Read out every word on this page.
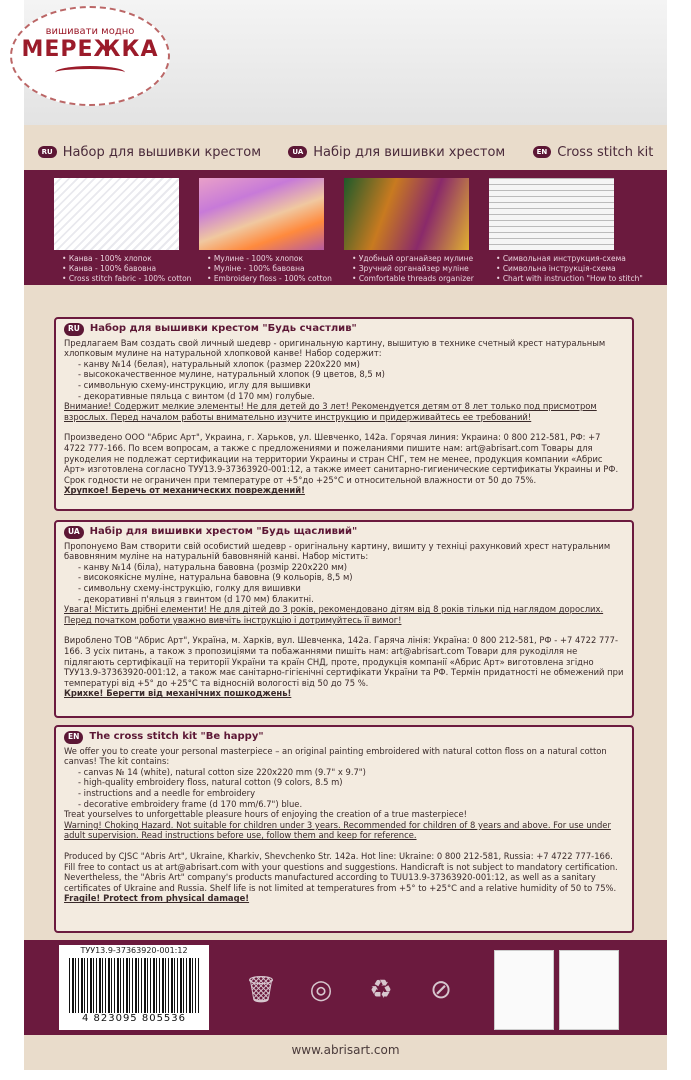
вишивати модно
МЕРЕЖКА
RU Набор для вышивки крестом	UA Набір для вишивки хрестом	EN Cross stitch kit
• Канва - 100% хлопок
• Канва - 100% бавовна
• Cross stitch fabric - 100% cotton
• Мулине - 100% хлопок
• Мулінe - 100% бавовна
• Embroidery floss - 100% cotton
• Удобный органайзер мулине
• Зручний органайзер мулінe
• Comfortable threads organizer
• Символьная инструкция-схема
• Символьна інструкція-схема
• Chart with instruction "How to stitch"
RU	Набор для вышивки крестом "Будь счастлив"

Предлагаем Вам создать свой личный шедевр - оригинальную картину, вышитую в технике счетный крест натуральным хлопковым мулине на натуральной хлопковой канве! Набор содержит:

- канву №14 (белая), натуральный хлопок (размер 220х220 мм)

- высококачественное мулине, натуральный хлопок (9 цветов, 8,5 м)

- символьную схему-инструкцию, иглу для вышивки

- декоративные пяльца с винтом (d 170 мм) голубые.

Внимание! Содержит мелкие элементы! Не для детей до 3 лет! Рекомендуется детям от 8 лет только под присмотром взрослых. Перед началом работы внимательно изучите инструкцию и придерживайтесь ее требований!

Произведено ООО "Абрис Арт", Украина, г. Харьков, ул. Шевченко, 142а. Горячая линия: Украина: 0 800 212-581, РФ: +7 4722 777-166. По всем вопросам, а также с предложениями и пожеланиями пишите нам: art@abrisart.com Товары для рукоделия не подлежат сертификации на территории Украины и стран СНГ, тем не менее, продукция компании «Абрис Арт» изготовлена согласно ТУУ13.9-37363920-001:12, а также имеет санитарно-гигиенические сертификаты Украины и РФ. Срок годности не ограничен при температуре от +5°до +25°С и относительной влажности от 50 до 75%.

Хрупкое! Беречь от механических повреждений!

UA	Набір для вишивки хрестом "Будь щасливий"

Пропонуємо Вам створити свій особистий шедевр - оригінальну картину, вишиту у техніці рахунковий хрест натуральним бавовняним муліне на натуральній бавовняній канві. Набор містить:

- канву №14 (біла), натуральна бавовна (розмір 220х220 мм)

- високоякісне муліне, натуральна бавовна (9 кольорів, 8,5 м)

- символьну схему-інструкцію, голку для вишивки

- декоративні п'яльця з гвинтом (d 170 мм) блакитні.

Увага! Містить дрібні елементи! Не для дітей до 3 років, рекомендовано дітям від 8 років тільки під наглядом дорослих. Перед початком роботи уважно вивчіть інструкцію і дотримуйтесь її вимог!

Вироблено ТОВ "Абрис Арт", Україна, м. Харків, вул. Шевченка, 142а. Гаряча лінія: Україна: 0 800 212-581, РФ - +7 4722 777-166. З усіх питань, а також з пропозиціями та побажаннями пишіть нам: art@abrisart.com Товари для рукоділля не підлягають сертифікації на території України та країн СНД, проте, продукція компанії «Абрис Арт» виготовлена згідно ТУУ13.9-37363920-001:12, а також має санітарно-гігієнічні сертифікати України та РФ. Термін придатності не обмежений при температурі від +5° до +25°С та відносній вологості від 50 до 75 %.

Крихке! Берегти від механічних пошкоджень!

EN	The cross stitch kit "Be happy"

We offer you to create your personal masterpiece – an original painting embroidered with natural cotton floss on a natural cotton canvas! The kit contains:

- canvas № 14 (white), natural cotton size 220x220 mm (9.7" x 9.7")

- high-quality embroidery floss, natural cotton (9 colors, 8.5 m)

- instructions and a needle for embroidery

- decorative embroidery frame (d 170 mm/6.7") blue.

Treat yourselves to unforgettable pleasure hours of enjoying the creation of a true masterpiece!

Warning! Choking Hazard. Not suitable for children under 3 years. Recommended for children of 8 years and above. For use under adult supervision. Read instructions before use, follow them and keep for reference.

Produced by CJSC "Abris Art", Ukraine, Kharkiv, Shevchenko Str. 142a. Hot line: Ukraine: 0 800 212-581, Russia: +7 4722 777-166. Fill free to contact us at art@abrisart.com with your questions and suggestions. Handicraft is not subject to mandatory certification. Nevertheless, the "Abris Art" company's products manufactured according to TUU13.9-37363920-001:12, as well as a sanitary certificates of Ukraine and Russia. Shelf life is not limited at temperatures from +5° to +25°C and a relative humidity of 50 to 75%.

Fragile! Protect from physical damage!

ТУУ13.9-37363920-001:12
4 823095 805536
🗑 ◎ ♻ ⊘
www.abrisart.com
